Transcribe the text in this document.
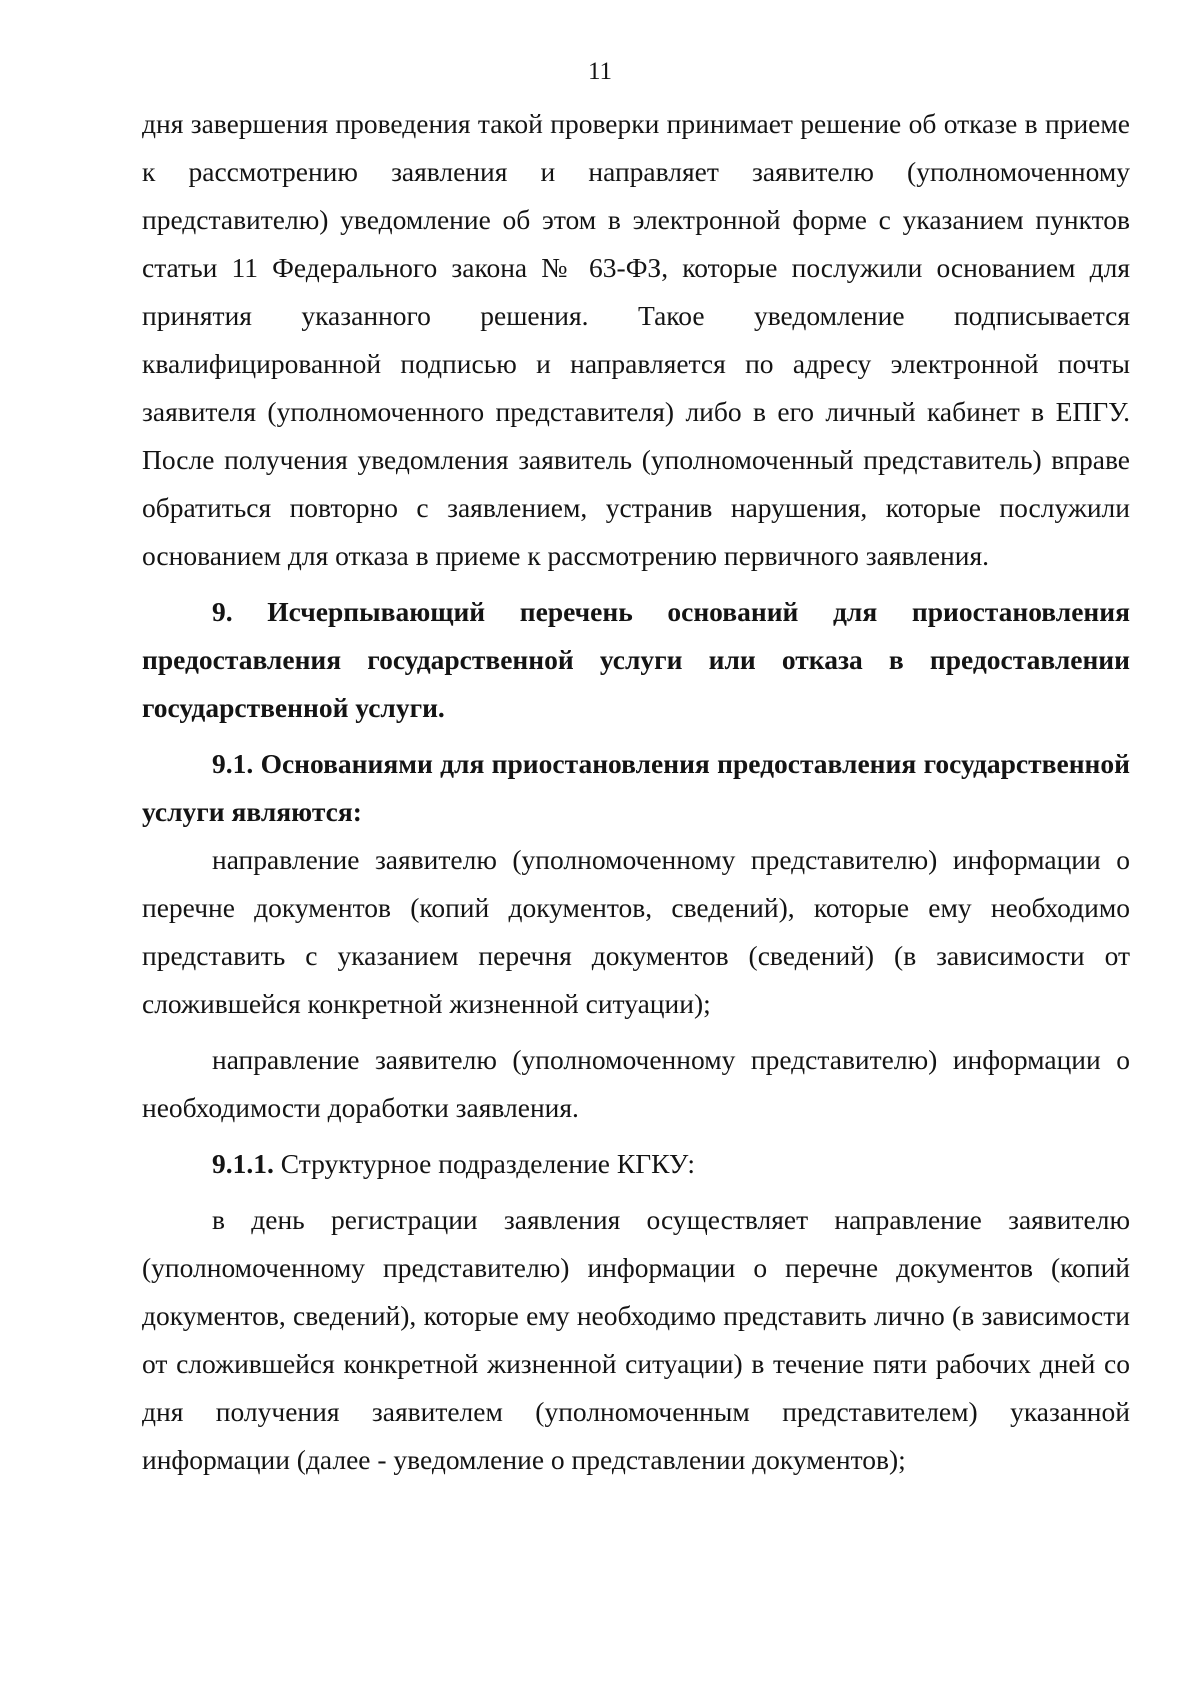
11

дня завершения проведения такой проверки принимает решение об отказе в приеме к рассмотрению заявления и направляет заявителю (уполномоченному представителю) уведомление об этом в электронной форме с указанием пунктов статьи 11 Федерального закона № 63-ФЗ, которые послужили основанием для принятия указанного решения. Такое уведомление подписывается квалифицированной подписью и направляется по адресу электронной почты заявителя (уполномоченного представителя) либо в его личный кабинет в ЕПГУ. После получения уведомления заявитель (уполномоченный представитель) вправе обратиться повторно с заявлением, устранив нарушения, которые послужили основанием для отказа в приеме к рассмотрению первичного заявления.

9. Исчерпывающий перечень оснований для приостановления предоставления государственной услуги или отказа в предоставлении государственной услуги.

9.1. Основаниями для приостановления предоставления государственной услуги являются:

направление заявителю (уполномоченному представителю) информации о перечне документов (копий документов, сведений), которые ему необходимо представить с указанием перечня документов (сведений) (в зависимости от сложившейся конкретной жизненной ситуации);

направление заявителю (уполномоченному представителю) информации о необходимости доработки заявления.

9.1.1. Структурное подразделение КГКУ:

в день регистрации заявления осуществляет направление заявителю (уполномоченному представителю) информации о перечне документов (копий документов, сведений), которые ему необходимо представить лично (в зависимости от сложившейся конкретной жизненной ситуации) в течение пяти рабочих дней со дня получения заявителем (уполномоченным представителем) указанной информации (далее - уведомление о представлении документов);
